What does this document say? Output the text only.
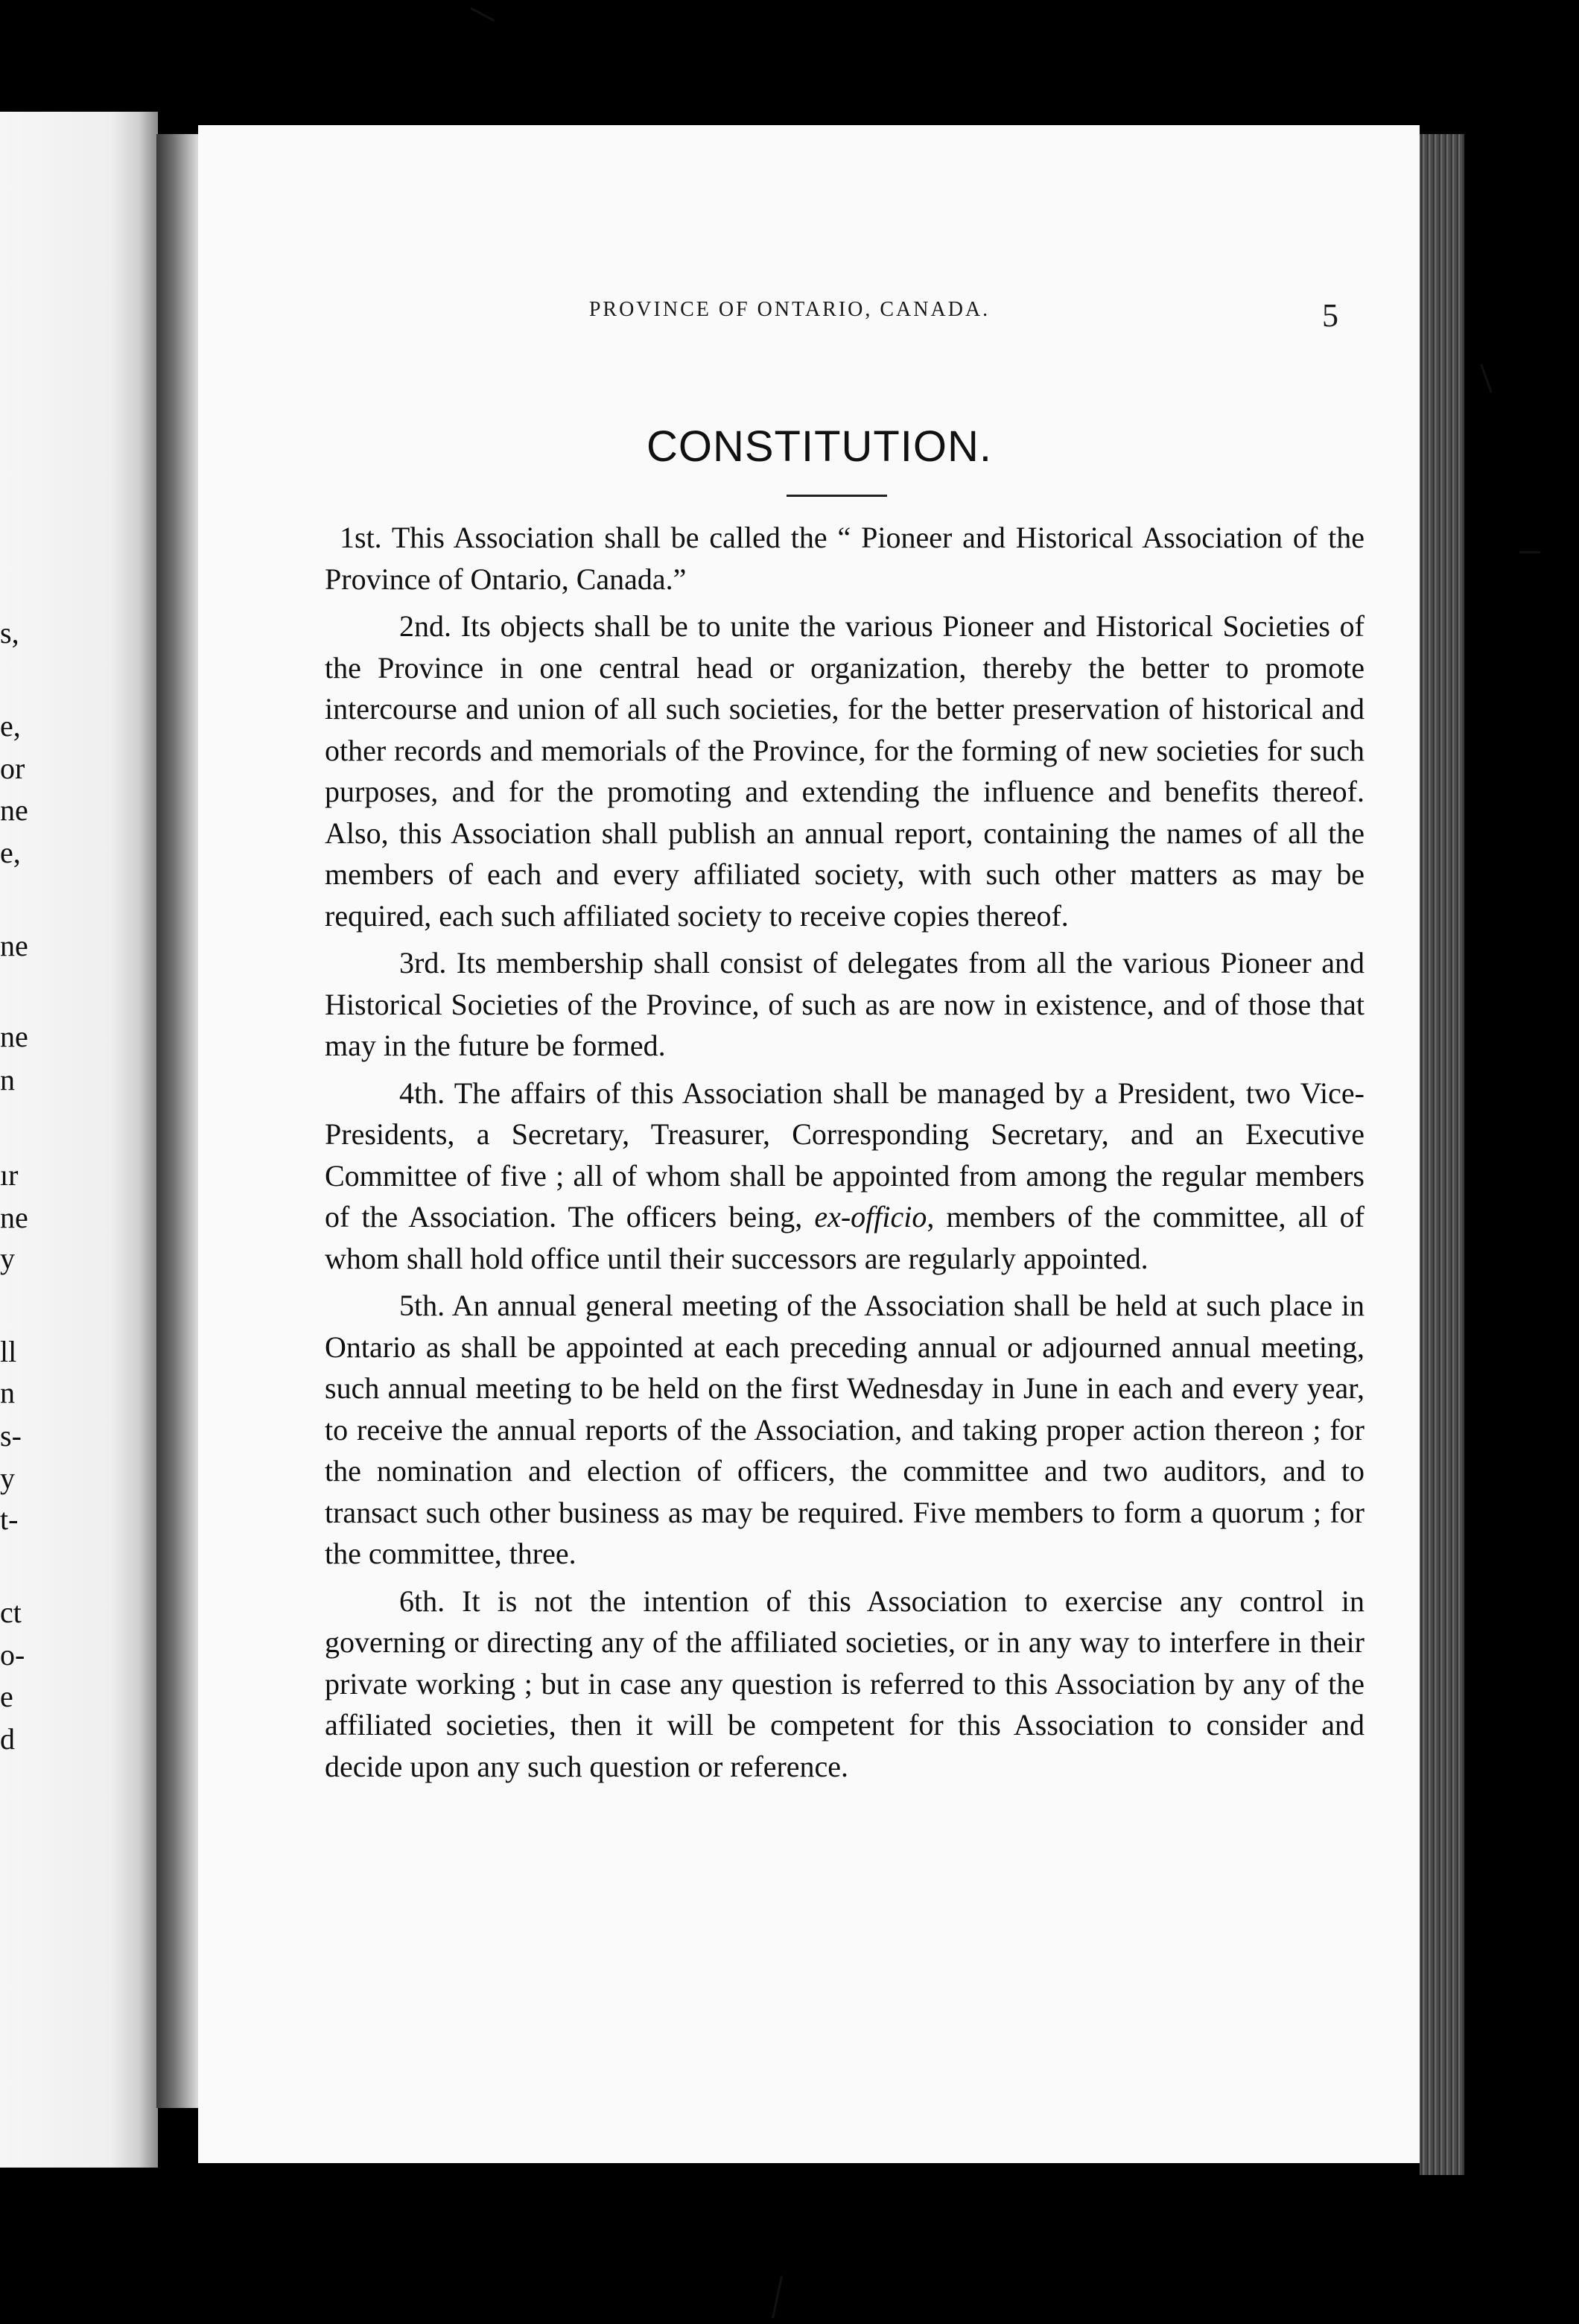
s,
e,
or
ne
e,
ne
ne
n
ır
ne
y
ll
n
s-
y
t-
ct
o-
e
d
PROVINCE OF ONTARIO, CANADA.	5
CONSTITUTION.

1st. This Association shall be called the “ Pioneer and Historical Association of the Province of Ontario, Canada.”

2nd. Its objects shall be to unite the various Pioneer and Historical Societies of the Province in one central head or organization, thereby the better to promote intercourse and union of all such societies, for the better preservation of historical and other records and memorials of the Province, for the forming of new societies for such purposes, and for the promoting and extending the influence and benefits thereof. Also, this Association shall publish an annual report, containing the names of all the members of each and every affiliated society, with such other matters as may be required, each such affiliated society to receive copies thereof.

3rd. Its membership shall consist of delegates from all the various Pioneer and Historical Societies of the Province, of such as are now in existence, and of those that may in the future be formed.

4th. The affairs of this Association shall be managed by a President, two Vice-Presidents, a Secretary, Treasurer, Corresponding Secretary, and an Executive Committee of five ; all of whom shall be appointed from among the regular members of the Association. The officers being, ex-officio, members of the committee, all of whom shall hold office until their successors are regularly appointed.

5th. An annual general meeting of the Association shall be held at such place in Ontario as shall be appointed at each preceding annual or adjourned annual meeting, such annual meeting to be held on the first Wednesday in June in each and every year, to receive the annual reports of the Association, and taking proper action thereon ; for the nomination and election of officers, the committee and two auditors, and to transact such other business as may be required. Five members to form a quorum ; for the committee, three.

6th. It is not the intention of this Association to exercise any control in governing or directing any of the affiliated societies, or in any way to interfere in their private working ; but in case any question is referred to this Association by any of the affiliated societies, then it will be competent for this Association to consider and decide upon any such question or reference.
